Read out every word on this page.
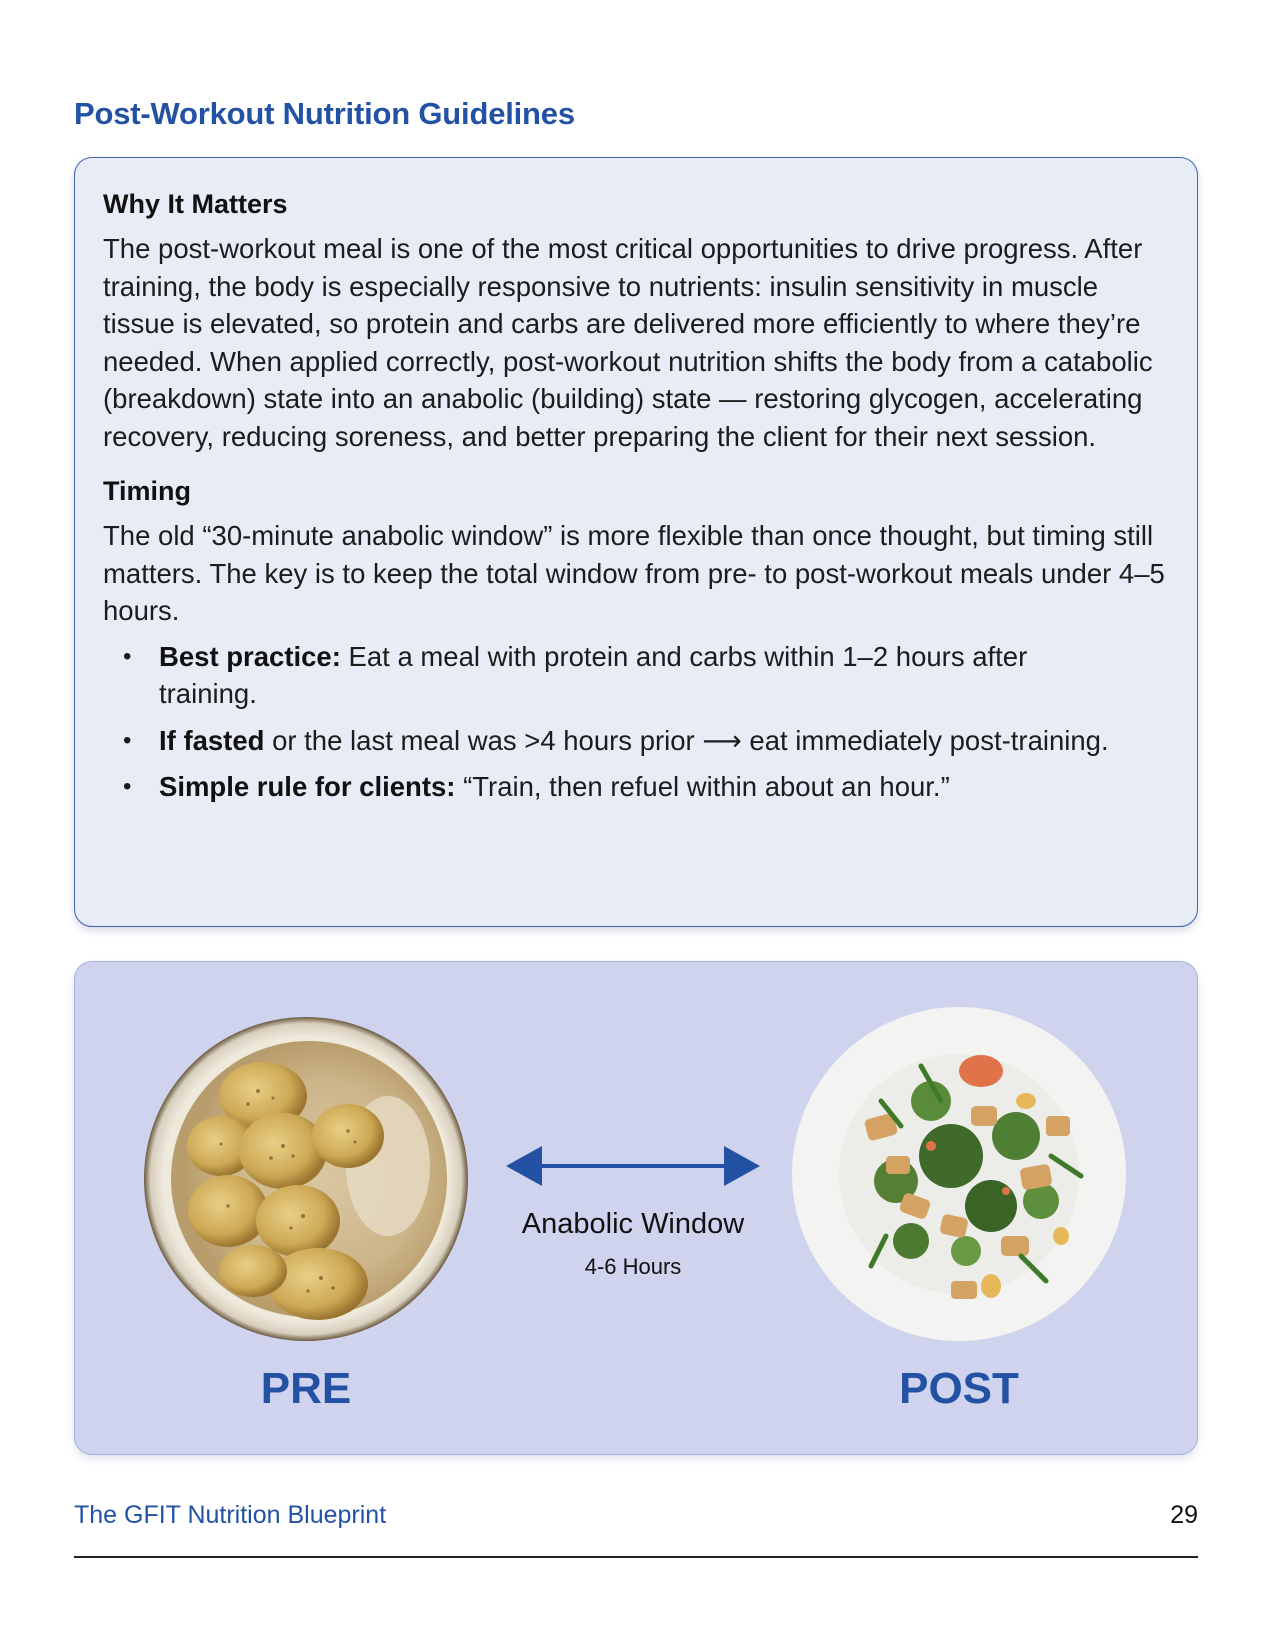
Post-Workout Nutrition Guidelines
Why It Matters

The post-workout meal is one of the most critical opportunities to drive progress. After training, the body is especially responsive to nutrients: insulin sensitivity in muscle tissue is elevated, so protein and carbs are delivered more efficiently to where they’re needed. When applied correctly, post-workout nutrition shifts the body from a catabolic (breakdown) state into an anabolic (building) state — restoring glycogen, accelerating recovery, reducing soreness, and better preparing the client for their next session.

Timing

The old “30-minute anabolic window” is more flexible than once thought, but timing still matters. The key is to keep the total window from pre- to post-workout meals under 4–5 hours.

• Best practice: Eat a meal with protein and carbs within 1–2 hours after training.
• If fasted or the last meal was >4 hours prior ⟶ eat immediately post-training.
• Simple rule for clients: “Train, then refuel within about an hour.”
Anabolic Window
4-6 Hours
PRE	POST
The GFIT Nutrition Blueprint	29
